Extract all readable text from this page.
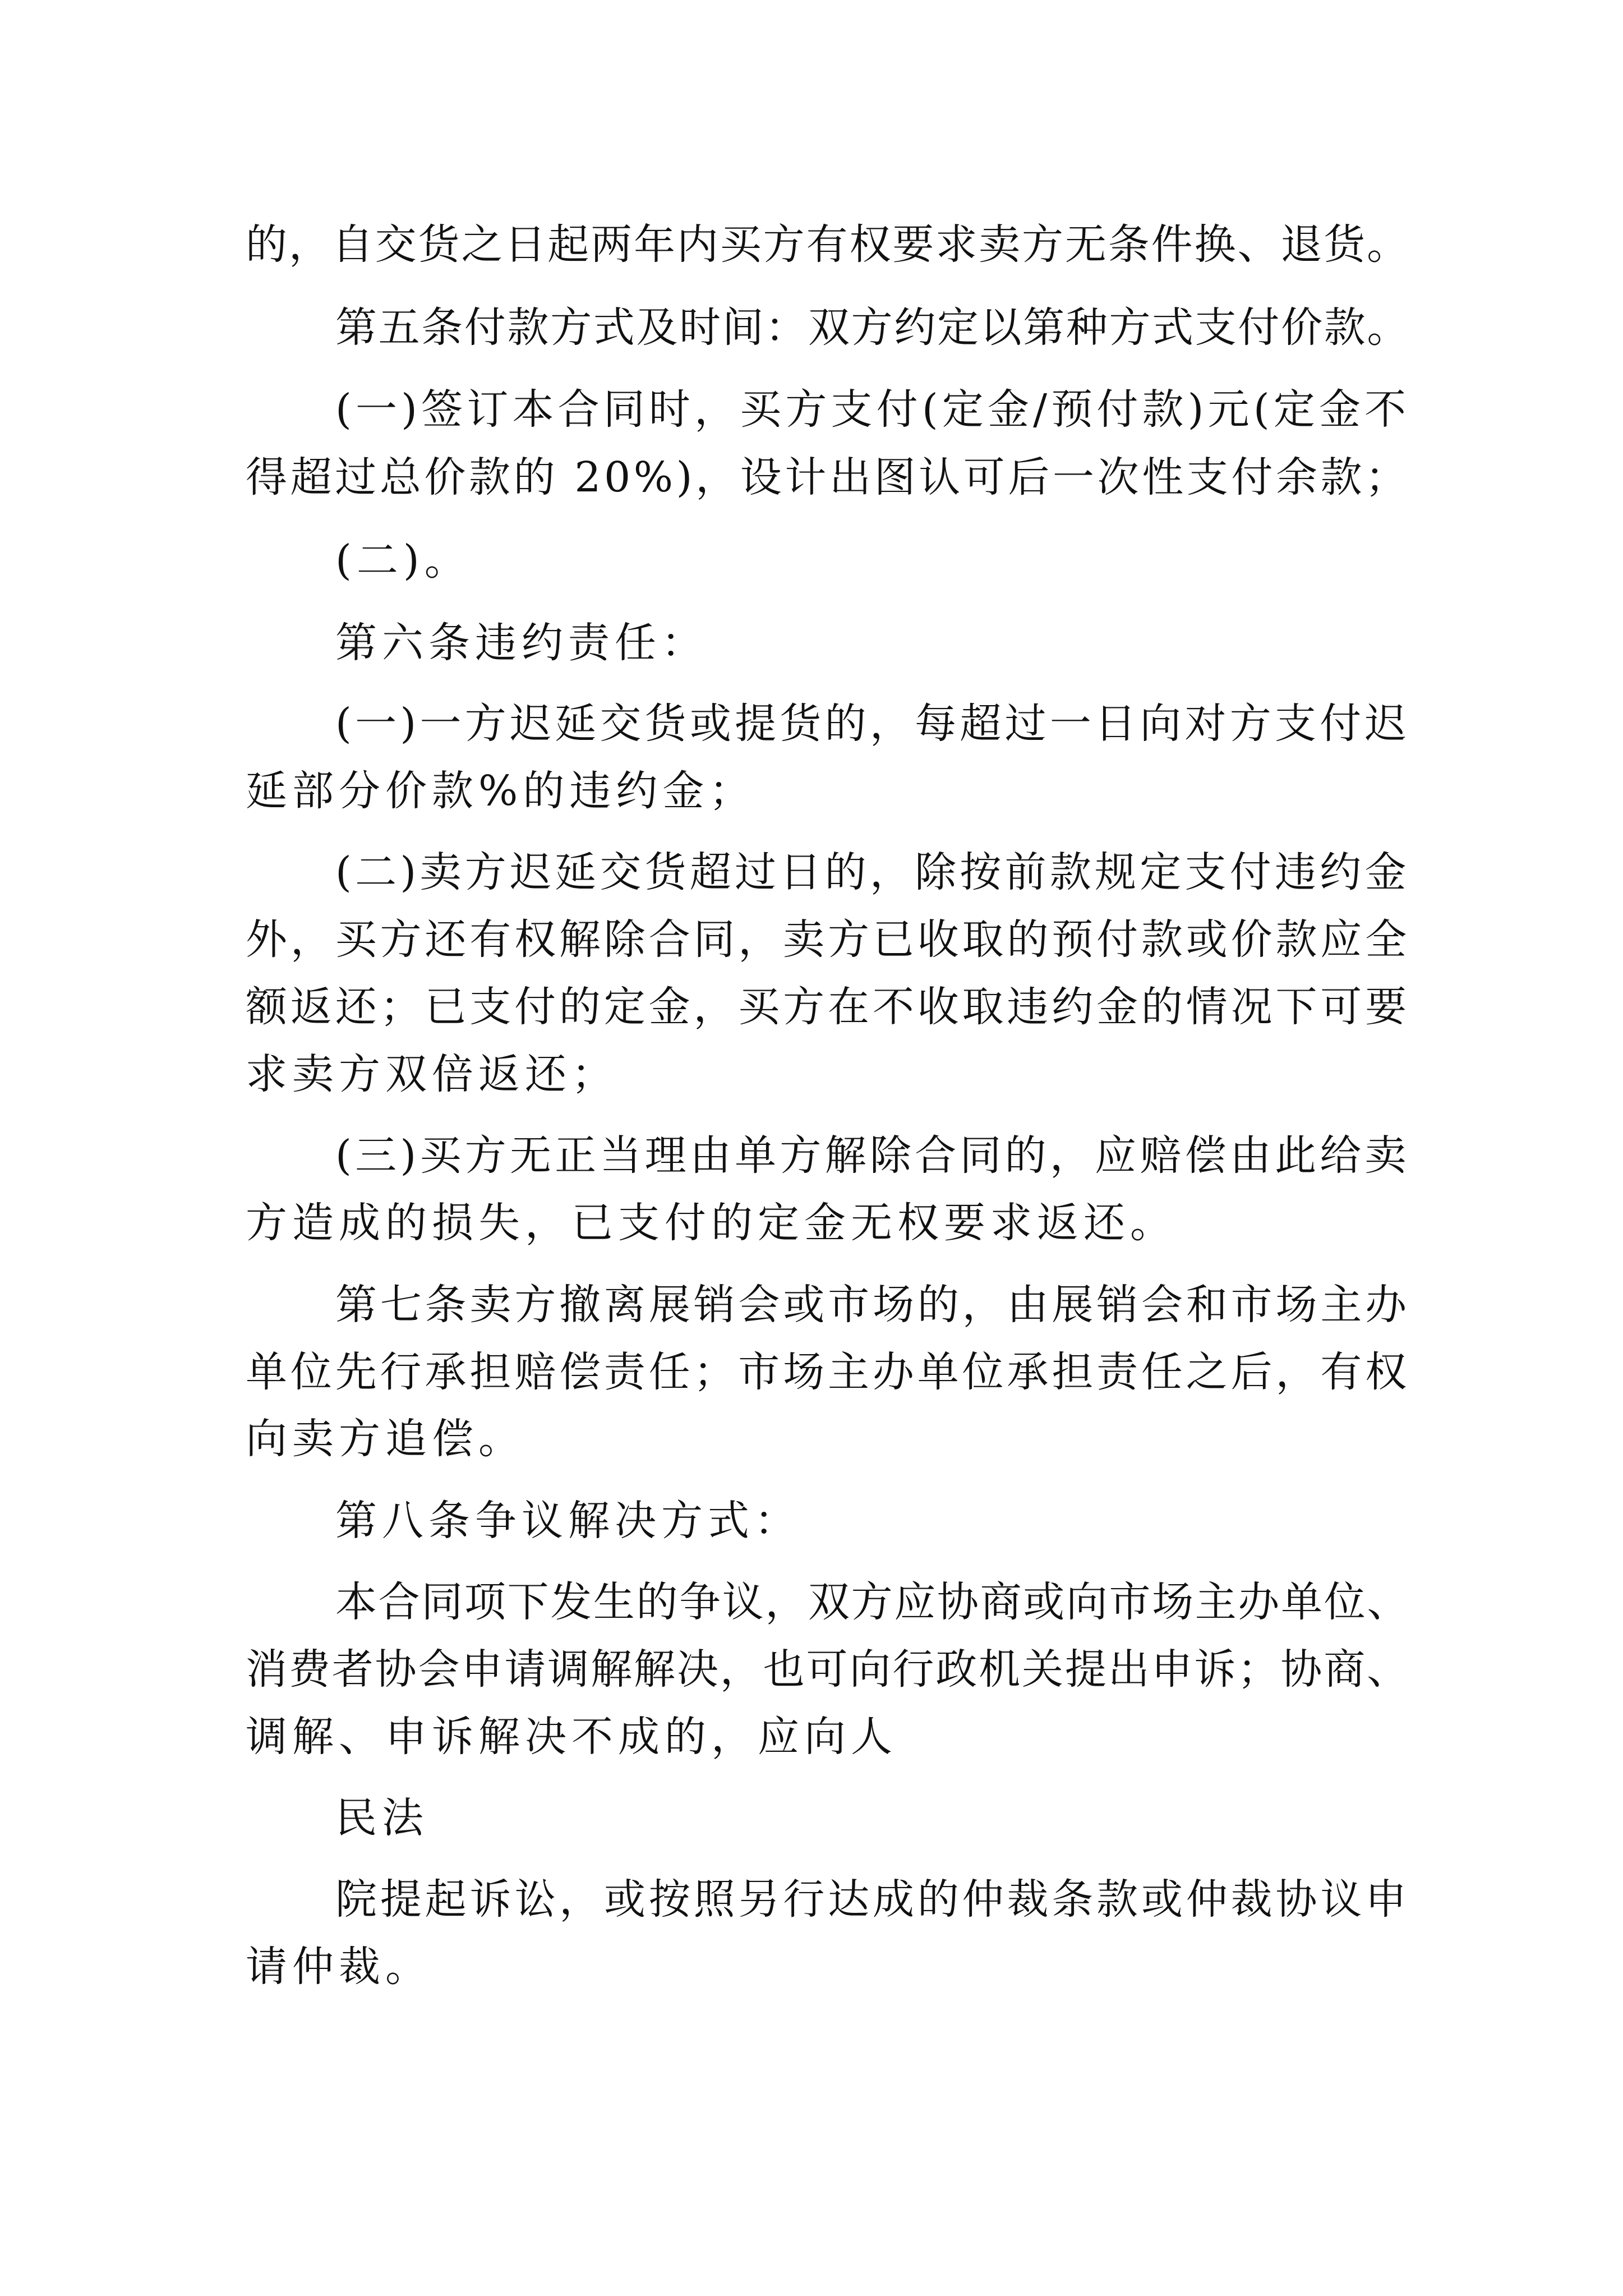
的，自交货之日起两年内买方有权要求卖方无条件换、退货。
第五条付款方式及时间：双方约定以第种方式支付价款。
(一)签订本合同时，买方支付(定金/预付款)元(定金不
得超过总价款的 20%)，设计出图认可后一次性支付余款；
(二)。
第六条违约责任：
(一)一方迟延交货或提货的，每超过一日向对方支付迟
延部分价款%的违约金；
(二)卖方迟延交货超过日的，除按前款规定支付违约金
外，买方还有权解除合同，卖方已收取的预付款或价款应全
额返还；已支付的定金，买方在不收取违约金的情况下可要
求卖方双倍返还；
(三)买方无正当理由单方解除合同的，应赔偿由此给卖
方造成的损失，已支付的定金无权要求返还。
第七条卖方撤离展销会或市场的，由展销会和市场主办
单位先行承担赔偿责任；市场主办单位承担责任之后，有权
向卖方追偿。
第八条争议解决方式：
本合同项下发生的争议，双方应协商或向市场主办单位、
消费者协会申请调解解决，也可向行政机关提出申诉；协商、
调解、申诉解决不成的，应向人
民法
院提起诉讼，或按照另行达成的仲裁条款或仲裁协议申
请仲裁。
